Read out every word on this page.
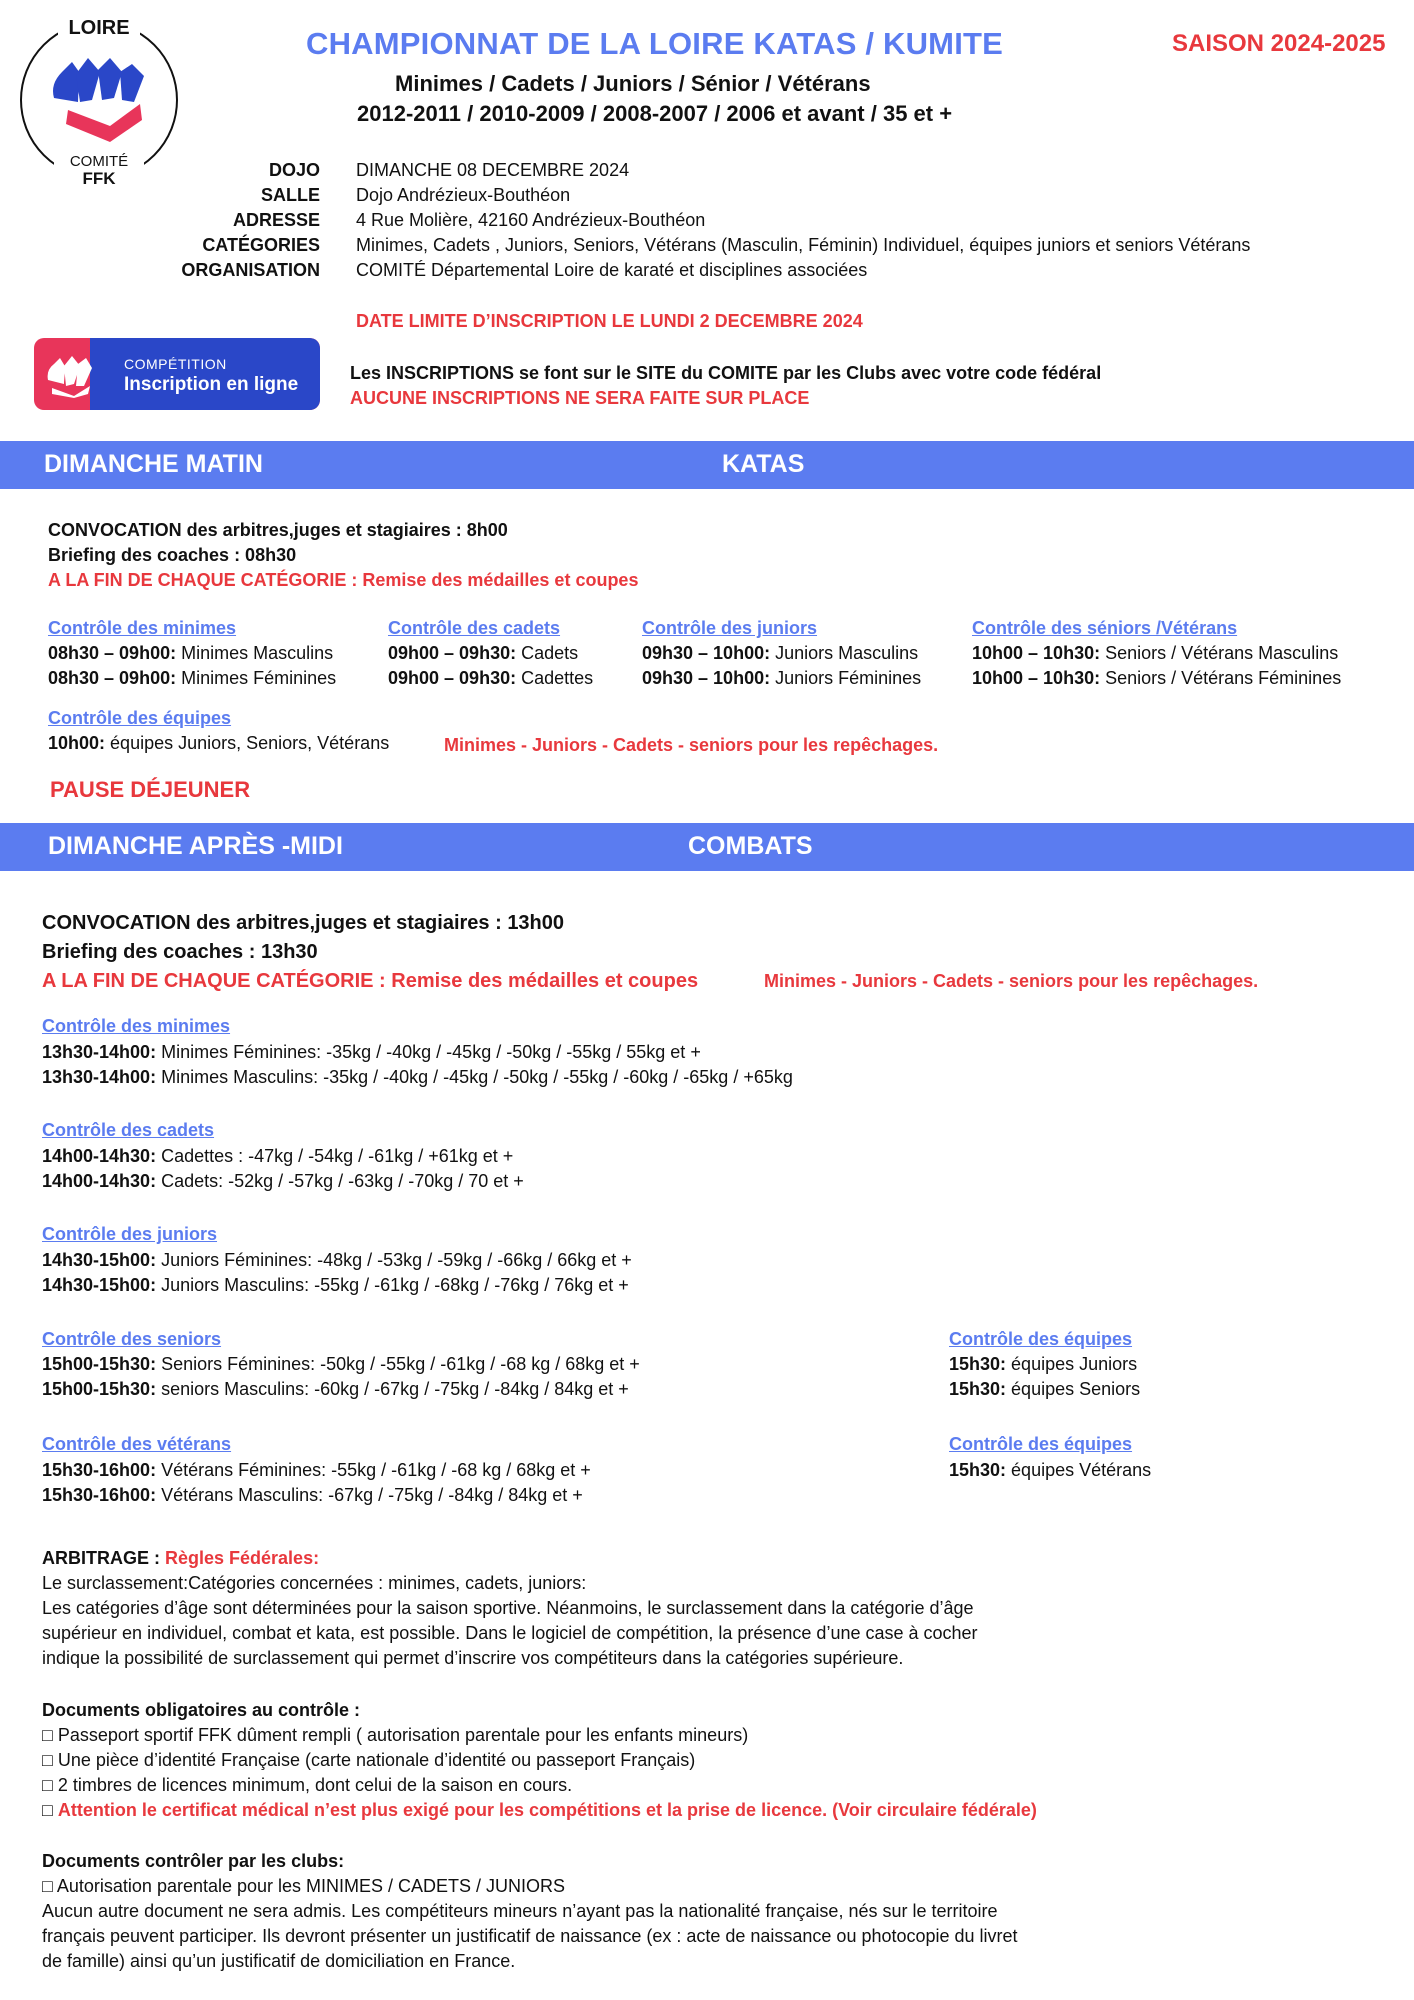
LOIRE
COMITÉ
FFK
CHAMPIONNAT DE LA LOIRE KATAS / KUMITE	SAISON 2024-2025
Minimes / Cadets / Juniors / Sénior / Vétérans
2012-2011 / 2010-2009 / 2008-2007 / 2006 et avant / 35 et +
DOJO DIMANCHE 08 DECEMBRE 2024
SALLE Dojo Andrézieux-Bouthéon
ADRESSE 4 Rue Molière, 42160 Andrézieux-Bouthéon
CATÉGORIES Minimes, Cadets , Juniors, Seniors, Vétérans (Masculin, Féminin) Individuel, équipes juniors et seniors Vétérans
ORGANISATION COMITÉ Départemental Loire de karaté et disciplines associées
DATE LIMITE D’INSCRIPTION LE LUNDI 2 DECEMBRE 2024
COMPÉTITION
Inscription en ligne
Les INSCRIPTIONS se font sur le SITE du COMITE par les Clubs avec votre code fédéral
AUCUNE INSCRIPTIONS NE SERA FAITE SUR PLACE
DIMANCHE MATIN	KATAS
CONVOCATION des arbitres,juges et stagiaires : 8h00
Briefing des coaches : 08h30
A LA FIN DE CHAQUE CATÉGORIE : Remise des médailles et coupes
Contrôle des minimes
08h30 – 09h00: Minimes Masculins
08h30 – 09h00: Minimes Féminines
Contrôle des cadets
09h00 – 09h30: Cadets
09h00 – 09h30: Cadettes
Contrôle des juniors
09h30 – 10h00: Juniors Masculins
09h30 – 10h00: Juniors Féminines
Contrôle des séniors /Vétérans
10h00 – 10h30: Seniors / Vétérans Masculins
10h00 – 10h30: Seniors / Vétérans Féminines
Contrôle des équipes
10h00: équipes Juniors, Seniors, Vétérans	Minimes - Juniors - Cadets - seniors pour les repêchages.
PAUSE DÉJEUNER
DIMANCHE APRÈS -MIDI	COMBATS
CONVOCATION des arbitres,juges et stagiaires : 13h00
Briefing des coaches : 13h30
A LA FIN DE CHAQUE CATÉGORIE : Remise des médailles et coupes	Minimes - Juniors - Cadets - seniors pour les repêchages.
Contrôle des minimes
13h30-14h00: Minimes Féminines: -35kg / -40kg / -45kg / -50kg / -55kg / 55kg et +
13h30-14h00: Minimes Masculins: -35kg / -40kg / -45kg / -50kg / -55kg / -60kg / -65kg / +65kg
Contrôle des cadets
14h00-14h30: Cadettes : -47kg / -54kg / -61kg / +61kg et +
14h00-14h30: Cadets: -52kg / -57kg / -63kg / -70kg / 70 et +
Contrôle des juniors
14h30-15h00: Juniors Féminines: -48kg / -53kg / -59kg / -66kg / 66kg et +
14h30-15h00: Juniors Masculins: -55kg / -61kg / -68kg / -76kg / 76kg et +
Contrôle des seniors
15h00-15h30: Seniors Féminines: -50kg / -55kg / -61kg / -68 kg / 68kg et +
15h00-15h30: seniors Masculins: -60kg / -67kg / -75kg / -84kg / 84kg et +
Contrôle des équipes
15h30: équipes Juniors
15h30: équipes Seniors
Contrôle des vétérans
15h30-16h00: Vétérans Féminines: -55kg / -61kg / -68 kg / 68kg et +
15h30-16h00: Vétérans Masculins: -67kg / -75kg / -84kg / 84kg et +
Contrôle des équipes
15h30: équipes Vétérans
ARBITRAGE : Règles Fédérales:
Le surclassement:Catégories concernées : minimes, cadets, juniors:
Les catégories d’âge sont déterminées pour la saison sportive. Néanmoins, le surclassement dans la catégorie d’âge
supérieur en individuel, combat et kata, est possible. Dans le logiciel de compétition, la présence d’une case à cocher
indique la possibilité de surclassement qui permet d’inscrire vos compétiteurs dans la catégories supérieure.
Documents obligatoires au contrôle :
□ Passeport sportif FFK dûment rempli ( autorisation parentale pour les enfants mineurs)
□ Une pièce d’identité Française (carte nationale d’identité ou passeport Français)
□ 2 timbres de licences minimum, dont celui de la saison en cours.
□ Attention le certificat médical n’est plus exigé pour les compétitions et la prise de licence. (Voir circulaire fédérale)
Documents contrôler par les clubs:
□ Autorisation parentale pour les MINIMES / CADETS / JUNIORS
Aucun autre document ne sera admis. Les compétiteurs mineurs n’ayant pas la nationalité française, nés sur le territoire
français peuvent participer. Ils devront présenter un justificatif de naissance (ex : acte de naissance ou photocopie du livret
de famille) ainsi qu’un justificatif de domiciliation en France.
